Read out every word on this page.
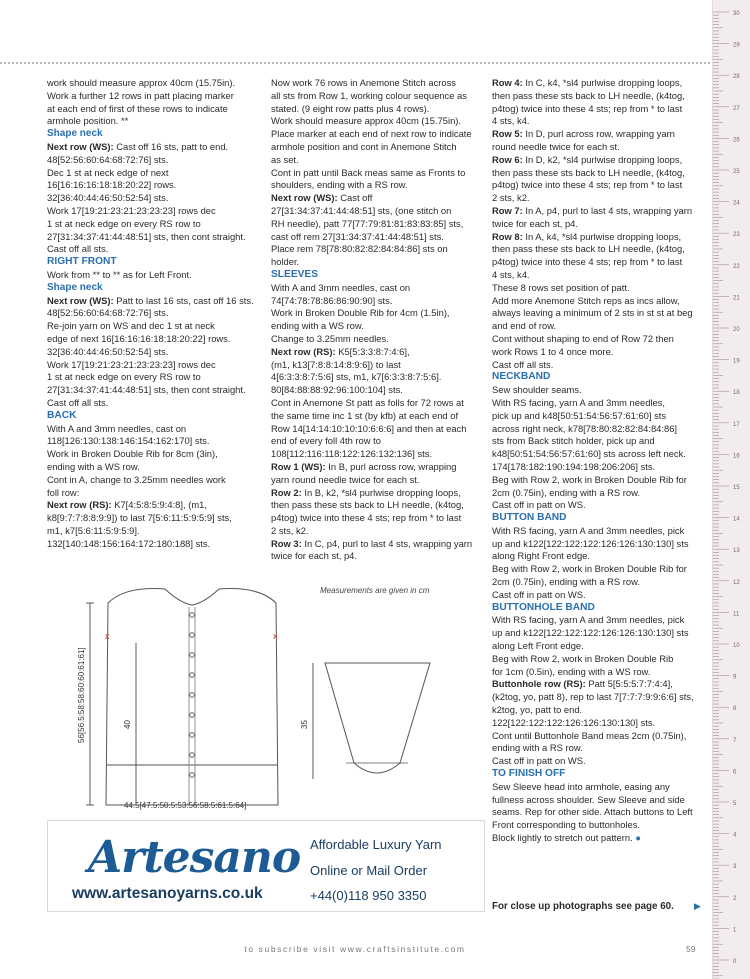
work should measure approx 40cm (15.75in).

Work a further 12 rows in patt placing marker

at each end of first of these rows to indicate

armhole position. **

Shape neck

Next row (WS): Cast off 16 sts, patt to end.

48[52:56:60:64:68:72:76] sts.

Dec 1 st at neck edge of next

16[16:16:16:18:18:20:22] rows.

32[36:40:44:46:50:52:54] sts.

Work 17[19:21:23:21:23:23:23] rows dec

1 st at neck edge on every RS row to

27[31:34:37:41:44:48:51] sts, then cont straight.

Cast off all sts.

RIGHT FRONT

Work from ** to ** as for Left Front.

Shape neck

Next row (WS): Patt to last 16 sts, cast off 16 sts.

48[52:56:60:64:68:72:76] sts.

Re-join yarn on WS and dec 1 st at neck

edge of next 16[16:16:16:18:18:20:22] rows.

32[36:40:44:46:50:52:54] sts.

Work 17[19:21:23:21:23:23:23] rows dec

1 st at neck edge on every RS row to

27[31:34:37:41:44:48:51] sts, then cont straight.

Cast off all sts.

BACK

With A and 3mm needles, cast on

118[126:130:138:146:154:162:170] sts.

Work in Broken Double Rib for 8cm (3in),

ending with a WS row.

Cont in A, change to 3.25mm needles work

foll row:

Next row (RS): K7[4:5:8:5:9:4:8], (m1,

k8[9:7:7:8:8:9:9]) to last 7[5:6:11:5:9:5:9] sts,

m1, k7[5:6:11:5:9:5:9].

132[140:148:156:164:172:180:188] sts.

Now work 76 rows in Anemone Stitch across

all sts from Row 1, working colour sequence as

stated. (9 eight row patts plus 4 rows).

Work should measure approx 40cm (15.75in).

Place marker at each end of next row to indicate

armhole position and cont in Anemone Stitch

as set.

Cont in patt until Back meas same as Fronts to

shoulders, ending with a RS row.

Next row (WS): Cast off

27[31:34:37:41:44:48:51] sts, (one stitch on

RH needle), patt 77[77:79:81:81:83:83:85] sts,

cast off rem 27[31:34:37:41:44:48:51] sts.

Place rem 78[78:80:82:82:84:84:86] sts on

holder.

SLEEVES

With A and 3mm needles, cast on

74[74:78:78:86:86:90:90] sts.

Work in Broken Double Rib for 4cm (1.5in),

ending with a WS row.

Change to 3.25mm needles.

Next row (RS): K5[5:3:3:8:7:4:6],

(m1, k13[7:8:8:14:8:9:6]) to last

4[6:3:3:8:7:5:6] sts, m1, k7[6:3:3:8:7:5:6].

80[84:88:88:92:96:100:104] sts.

Cont in Anemone St patt as folls for 72 rows at

the same time inc 1 st (by kfb) at each end of

Row 14[14:14:10:10:10:6:6:6] and then at each

end of every foll 4th row to

108[112:116:118:122:126:132:136] sts.

Row 1 (WS): In B, purl across row, wrapping

yarn round needle twice for each st.

Row 2: In B, k2, *sl4 purlwise dropping loops,

then pass these sts back to LH needle, (k4tog,

p4tog) twice into these 4 sts; rep from * to last

2 sts, k2.

Row 3: In C, p4, purl to last 4 sts, wrapping yarn

twice for each st, p4.

Row 4: In C, k4, *sl4 purlwise dropping loops,

then pass these sts back to LH needle, (k4tog,

p4tog) twice into these 4 sts; rep from * to last

4 sts, k4.

Row 5: In D, purl across row, wrapping yarn

round needle twice for each st.

Row 6: In D, k2, *sl4 purlwise dropping loops,

then pass these sts back to LH needle, (k4tog,

p4tog) twice into these 4 sts; rep from * to last

2 sts, k2.

Row 7: In A, p4, purl to last 4 sts, wrapping yarn

twice for each st, p4.

Row 8: In A, k4, *sl4 purlwise dropping loops,

then pass these sts back to LH needle, (k4tog,

p4tog) twice into these 4 sts; rep from * to last

4 sts, k4.

These 8 rows set position of patt.

Add more Anemone Stitch reps as incs allow,

always leaving a minimum of 2 sts in st st at beg

and end of row.

Cont without shaping to end of Row 72 then

work Rows 1 to 4 once more.

Cast off all sts.

NECKBAND

Sew shoulder seams.

With RS facing, yarn A and 3mm needles,

pick up and k48[50:51:54:56:57:61:60] sts

across right neck, k78[78:80:82:82:84:84:86]

sts from Back stitch holder, pick up and

k48[50:51:54:56:57:61:60] sts across left neck.

174[178:182:190:194:198:206:206] sts.

Beg with Row 2, work in Broken Double Rib for

2cm (0.75in), ending with a RS row.

Cast off in patt on WS.

BUTTON BAND

With RS facing, yarn A and 3mm needles, pick

up and k122[122:122:122:126:126:130:130] sts

along Right Front edge.

Beg with Row 2, work in Broken Double Rib for

2cm (0.75in), ending with a RS row.

Cast off in patt on WS.

BUTTONHOLE BAND

With RS facing, yarn A and 3mm needles, pick

up and k122[122:122:122:126:126:130:130] sts

along Left Front edge.

Beg with Row 2, work in Broken Double Rib

for 1cm (0.5in), ending with a WS row.

Buttonhole row (RS): Patt 5[5:5:5:7:7:4:4],

(k2tog, yo, patt 8), rep to last 7[7:7:7:9:9:6:6] sts,

k2tog, yo, patt to end.

122[122:122:122:126:126:130:130] sts.

Cont until Buttonhole Band meas 2cm (0.75in),

ending with a RS row.

Cast off in patt on WS.

TO FINISH OFF

Sew Sleeve head into armhole, easing any

fullness across shoulder. Sew Sleeve and side

seams. Rep for other side. Attach buttons to Left

Front corresponding to buttonholes.

Block lightly to stretch out pattern. ●

Measurements are given in cm
x	x
56[56.5:58:58:60:60:61:61]	40
44.5[47.5:50.5:53:56:58.5:61.5:64]
35
Artesano
www.artesanoyarns.co.uk
Affordable Luxury Yarn
Online or Mail Order
+44(0)118 950 3350
For close up photographs see page 60. ▶
to subscribe visit www.craftsinstitute.com	59
30
29
28
27
26
25
24
23
22
21
20
19
18
17
16
15
14
13
12
11
10
9
8
7
6
5
4
3
2
1
0
